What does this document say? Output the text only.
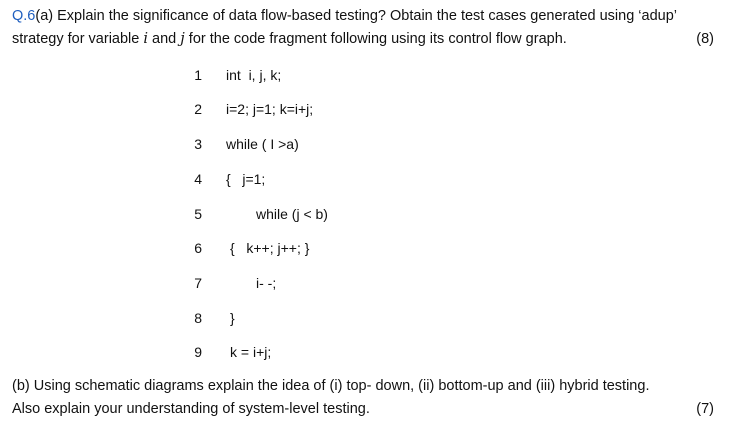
Q.6(a) Explain the significance of data flow-based testing? Obtain the test cases generated using ‘adup’
strategy for variable i and j for the code fragment following using its control flow graph.	(8)
1 int  i, j, k;
2 i=2; j=1; k=i+j;
3 while ( I >a)
4 {   j=1;
5	while (j < b)
6 {   k++; j++; }
7	i- -;
8 }
9 k = i+j;
(b) Using schematic diagrams explain the idea of (i) top- down, (ii) bottom-up and (iii) hybrid testing.
Also explain your understanding of system-level testing.	(7)
